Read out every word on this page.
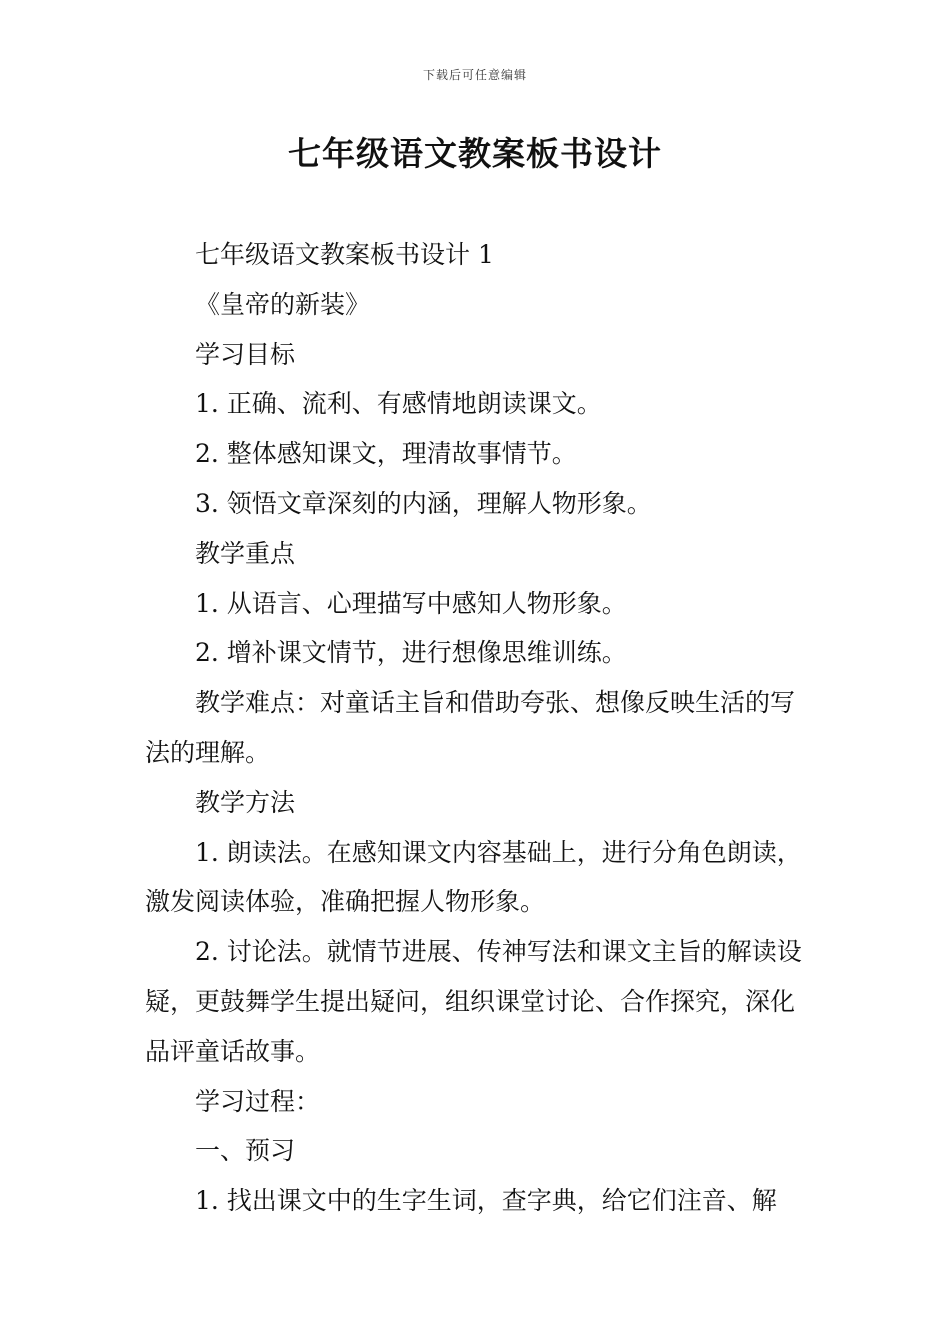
下载后可任意编辑
七年级语文教案板书设计

七年级语文教案板书设计 1

《皇帝的新装》

学习目标

1. 正确、流利、有感情地朗读课文。

2. 整体感知课文，理清故事情节。

3. 领悟文章深刻的内涵，理解人物形象。

教学重点

1. 从语言、心理描写中感知人物形象。

2. 增补课文情节，进行想像思维训练。

教学难点：对童话主旨和借助夸张、想像反映生活的写法的理解。

教学方法

1. 朗读法。在感知课文内容基础上，进行分角色朗读，激发阅读体验，准确把握人物形象。

2. 讨论法。就情节进展、传神写法和课文主旨的解读设疑，更鼓舞学生提出疑问，组织课堂讨论、合作探究，深化品评童话故事。

学习过程：

一、预习

1. 找出课文中的生字生词，查字典，给它们注音、解
